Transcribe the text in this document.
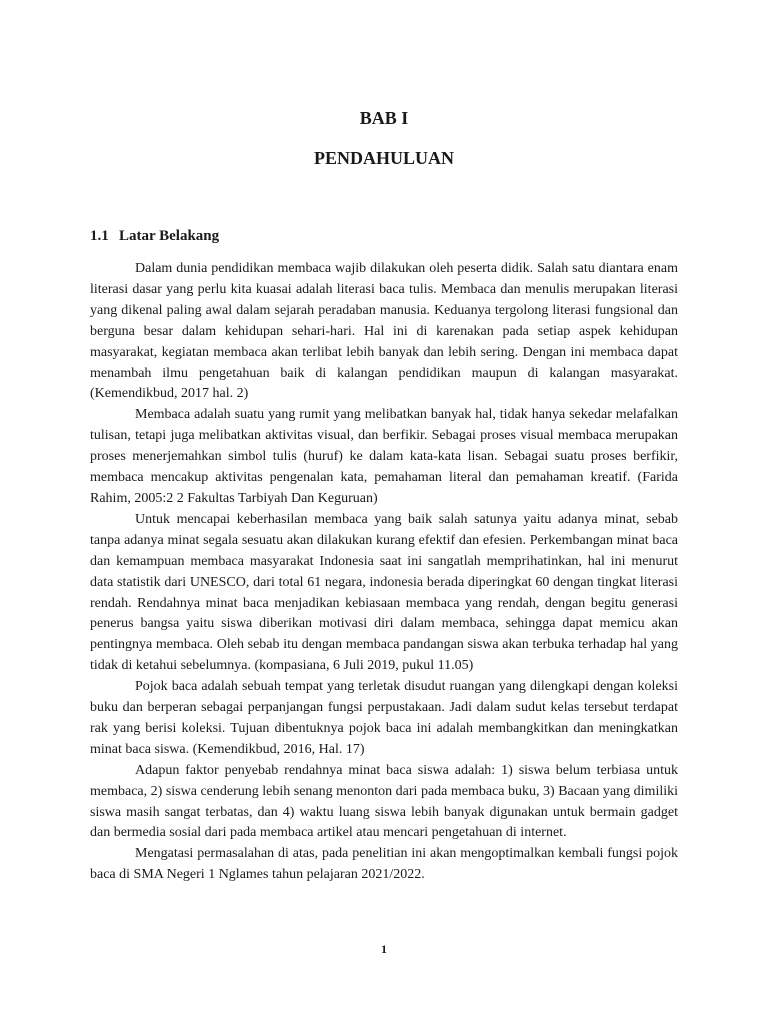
BAB I
PENDAHULUAN
1.1 Latar Belakang

Dalam dunia pendidikan membaca wajib dilakukan oleh peserta didik. Salah satu diantara enam literasi dasar yang perlu kita kuasai adalah literasi baca tulis. Membaca dan menulis merupakan literasi yang dikenal paling awal dalam sejarah peradaban manusia. Keduanya tergolong literasi fungsional dan berguna besar dalam kehidupan sehari-hari. Hal ini di karenakan pada setiap aspek kehidupan masyarakat, kegiatan membaca akan terlibat lebih banyak dan lebih sering. Dengan ini membaca dapat menambah ilmu pengetahuan baik di kalangan pendidikan maupun di kalangan masyarakat. (Kemendikbud, 2017 hal. 2)

Membaca adalah suatu yang rumit yang melibatkan banyak hal, tidak hanya sekedar melafalkan tulisan, tetapi juga melibatkan aktivitas visual, dan berfikir. Sebagai proses visual membaca merupakan proses menerjemahkan simbol tulis (huruf) ke dalam kata-kata lisan. Sebagai suatu proses berfikir, membaca mencakup aktivitas pengenalan kata, pemahaman literal dan pemahaman kreatif. (Farida Rahim, 2005:2 2 Fakultas Tarbiyah Dan Keguruan)

Untuk mencapai keberhasilan membaca yang baik salah satunya yaitu adanya minat, sebab tanpa adanya minat segala sesuatu akan dilakukan kurang efektif dan efesien. Perkembangan minat baca dan kemampuan membaca masyarakat Indonesia saat ini sangatlah memprihatinkan, hal ini menurut data statistik dari UNESCO, dari total 61 negara, indonesia berada diperingkat 60 dengan tingkat literasi rendah. Rendahnya minat baca menjadikan kebiasaan membaca yang rendah, dengan begitu generasi penerus bangsa yaitu siswa diberikan motivasi diri dalam membaca, sehingga dapat memicu akan pentingnya membaca. Oleh sebab itu dengan membaca pandangan siswa akan terbuka terhadap hal yang tidak di ketahui sebelumnya. (kompasiana, 6 Juli 2019, pukul 11.05)

Pojok baca adalah sebuah tempat yang terletak disudut ruangan yang dilengkapi dengan koleksi buku dan berperan sebagai perpanjangan fungsi perpustakaan. Jadi dalam sudut kelas tersebut terdapat rak yang berisi koleksi. Tujuan dibentuknya pojok baca ini adalah membangkitkan dan meningkatkan minat baca siswa. (Kemendikbud, 2016, Hal. 17)

Adapun faktor penyebab rendahnya minat baca siswa adalah: 1) siswa belum terbiasa untuk membaca, 2) siswa cenderung lebih senang menonton dari pada membaca buku, 3) Bacaan yang dimiliki siswa masih sangat terbatas, dan 4) waktu luang siswa lebih banyak digunakan untuk bermain gadget dan bermedia sosial dari pada membaca artikel atau mencari pengetahuan di internet.

Mengatasi permasalahan di atas, pada penelitian ini akan mengoptimalkan kembali fungsi pojok baca di SMA Negeri 1 Nglames tahun pelajaran 2021/2022.

1
